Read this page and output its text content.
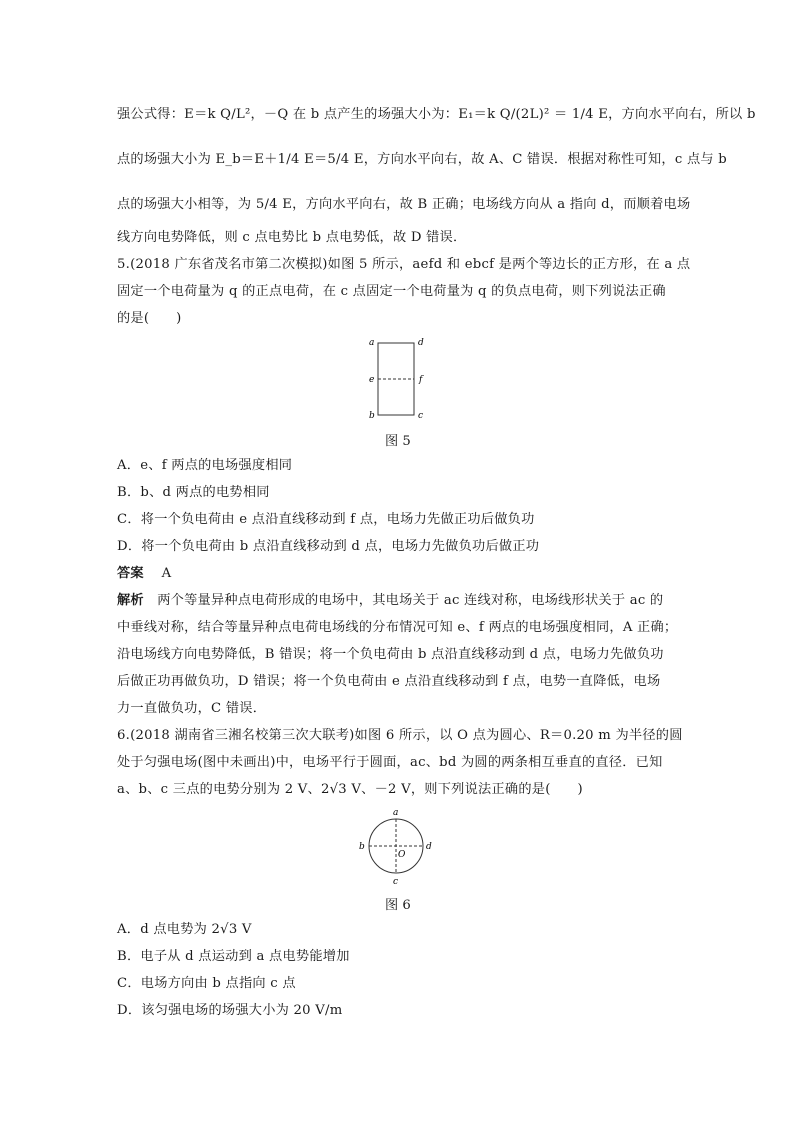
强公式得：E＝k Q/L²，－Q 在 b 点产生的场强大小为：E₁＝k Q/(2L)² ＝ 1/4 E，方向水平向右，所以 b
点的场强大小为 E_b＝E＋1/4 E＝5/4 E，方向水平向右，故 A、C 错误．根据对称性可知，c 点与 b
点的场强大小相等，为 5/4 E，方向水平向右，故 B 正确；电场线方向从 a 指向 d，而顺着电场
线方向电势降低，则 c 点电势比 b 点电势低，故 D 错误．
5.(2018 广东省茂名市第二次模拟)如图 5 所示，aefd 和 ebcf 是两个等边长的正方形，在 a 点
固定一个电荷量为 q 的正点电荷，在 c 点固定一个电荷量为 q 的负点电荷，则下列说法正确
的是(　　)
a	d
e	f
b	c
图 5
A．e、f 两点的电场强度相同
B．b、d 两点的电势相同
C．将一个负电荷由 e 点沿直线移动到 f 点，电场力先做正功后做负功
D．将一个负电荷由 b 点沿直线移动到 d 点，电场力先做负功后做正功
答案 A
解析 两个等量异种点电荷形成的电场中，其电场关于 ac 连线对称，电场线形状关于 ac 的
中垂线对称，结合等量异种点电荷电场线的分布情况可知 e、f 两点的电场强度相同，A 正确；
沿电场线方向电势降低，B 错误；将一个负电荷由 b 点沿直线移动到 d 点，电场力先做负功
后做正功再做负功，D 错误；将一个负电荷由 e 点沿直线移动到 f 点，电势一直降低，电场
力一直做负功，C 错误．
6.(2018 湖南省三湘名校第三次大联考)如图 6 所示，以 O 点为圆心、R＝0.20 m 为半径的圆
处于匀强电场(图中未画出)中，电场平行于圆面，ac、bd 为圆的两条相互垂直的直径．已知
a、b、c 三点的电势分别为 2 V、2√3 V、－2 V，则下列说法正确的是(　　)
a
b
O
d
c
图 6
A．d 点电势为 2√3 V
B．电子从 d 点运动到 a 点电势能增加
C．电场方向由 b 点指向 c 点
D．该匀强电场的场强大小为 20 V/m
